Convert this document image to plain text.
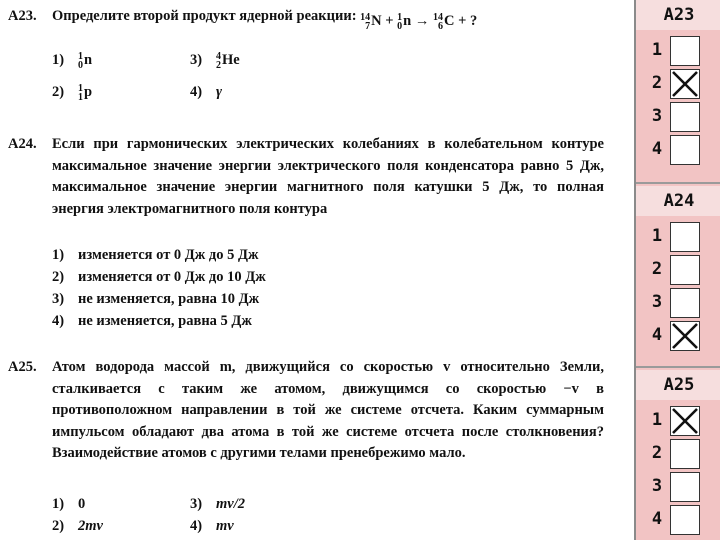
A23.	Определите второй продукт ядерной реакции: 14
7 N
+
1
0 n
→
14
6 C
+ ?
1) 1
0 n
2) 1
1 p
3) 4
2 He
4) γ
A24.	Если при гармонических электрических колебаниях в колебательном контуре максимальное значение энергии электрического поля конденсатора равно 5 Дж, максимальное значение энергии магнитного поля катушки 5 Дж, то полная энергия электромагнитного поля контура
1) изменяется от 0 Дж до 5 Дж
2) изменяется от 0 Дж до 10 Дж
3) не изменяется, равна 10 Дж
4) не изменяется, равна 5 Дж
A25.	Атом водорода массой m, движущийся со скоростью v относительно Земли, сталкивается с таким же атомом, движущимся со скоростью −v в противоположном направлении в той же системе отсчета. Каким суммарным импульсом обладают два атома в той же системе отсчета после столкновения? Взаимодействие атомов с другими телами пренебрежимо мало.
1) 0
2) 2mv
3) mv/2
4) mv
A23
1
2
3
4
A24
1
2
3
4
A25
1
2
3
4
